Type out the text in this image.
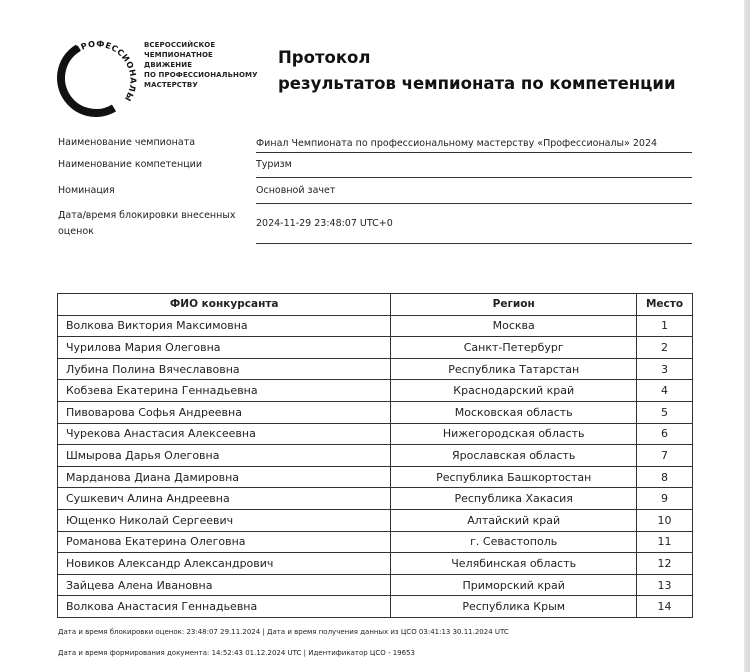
ПРОФЕССИОНАЛЫ
ВСЕРОССИЙСКОЕ
ЧЕМПИОНАТНОЕ
ДВИЖЕНИЕ
ПО ПРОФЕССИОНАЛЬНОМУ
МАСТЕРСТВУ
Протокол
результатов чемпионата по компетенции
Наименование чемпионата	Финал Чемпионата по профессиональному мастерству «Профессионалы» 2024
Наименование компетенции	Туризм
Номинация	Основной зачет
Дата/время блокировки внесенных оценок
2024-11-29 23:48:07 UTC+0
ФИО конкурсанта	Регион	Место
Волкова Виктория Максимовна	Москва	1
Чурилова Мария Олеговна	Санкт-Петербург	2
Лубина Полина Вячеславовна	Республика Татарстан	3
Кобзева Екатерина Геннадьевна	Краснодарский край	4
Пивоварова Софья Андреевна	Московская область	5
Чурекова Анастасия Алексеевна	Нижегородская область	6
Шмырова Дарья Олеговна	Ярославская область	7
Марданова Диана Дамировна	Республика Башкортостан	8
Сушкевич Алина Андреевна	Республика Хакасия	9
Ющенко Николай Сергеевич	Алтайский край	10
Романова Екатерина Олеговна	г. Севастополь	11
Новиков Александр Александрович	Челябинская область	12
Зайцева Алена Ивановна	Приморский край	13
Волкова Анастасия Геннадьевна	Республика Крым	14
Дата и время блокировки оценок: 23:48:07 29.11.2024 | Дата и время получения данных из ЦСО 03:41:13 30.11.2024 UTC
Дата и время формирования документа: 14:52:43 01.12.2024 UTC | Идентификатор ЦСО - 19653
